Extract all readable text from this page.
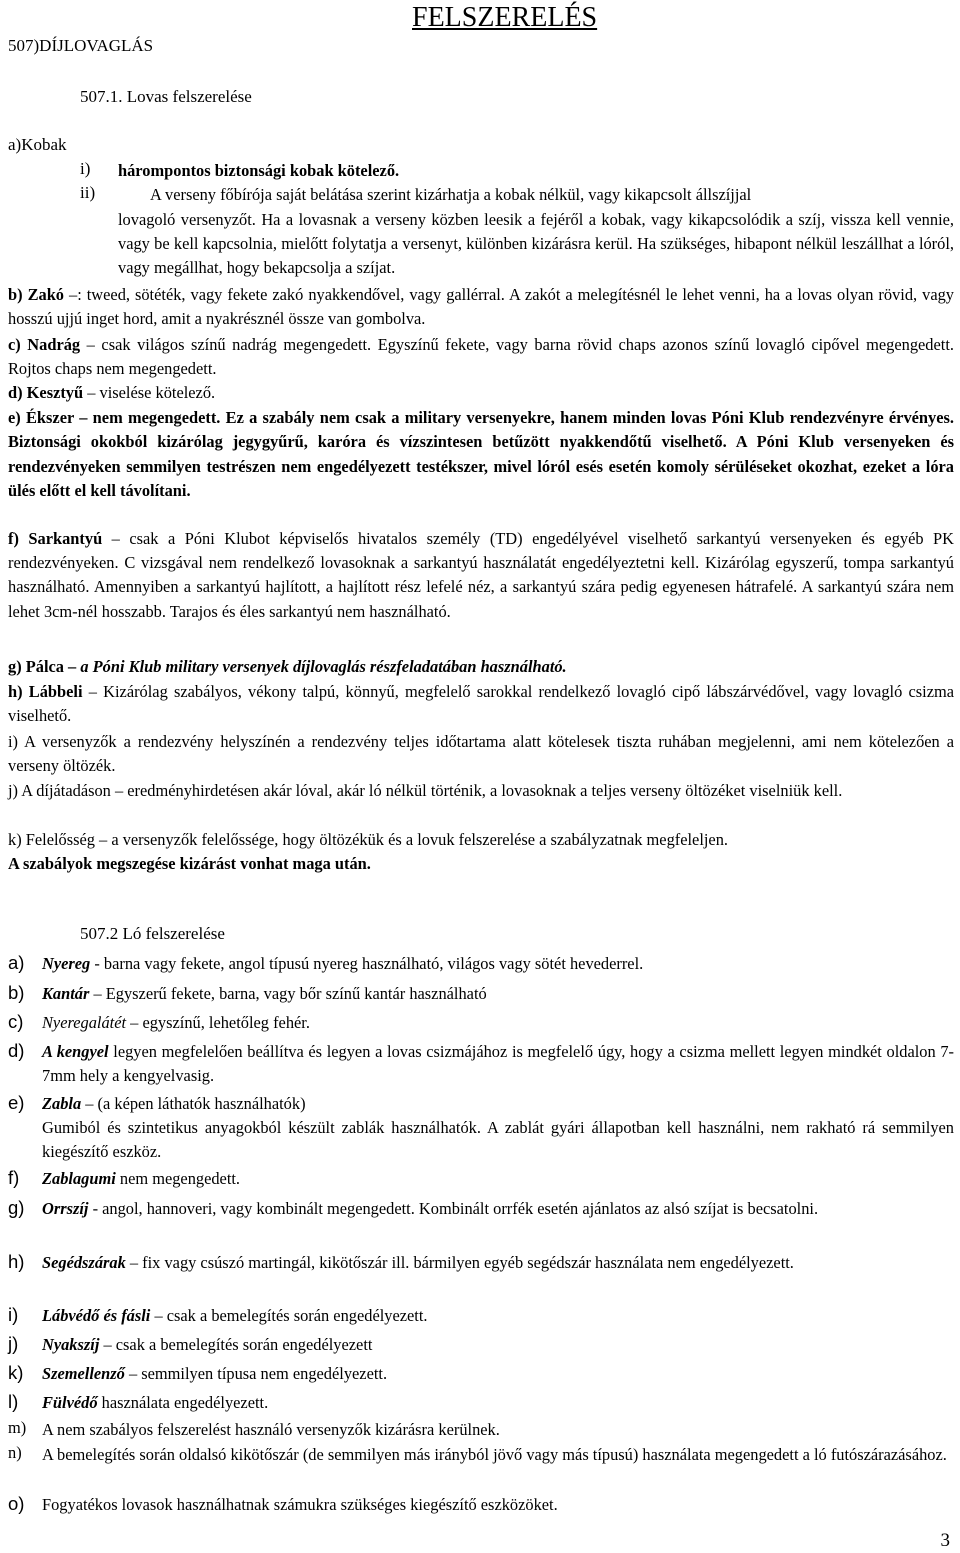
507)DÍJLOVAGLÁS
FELSZERELÉS
507.1. Lovas felszerelése
a)Kobak
i) hárompontos biztonsági kobak kötelező.
ii)	A verseny főbírója saját belátása szerint kizárhatja a kobak nélkül, vagy kikapcsolt állszíjjal
lovagoló versenyzőt. Ha a lovasnak a verseny közben leesik a fejéről a kobak, vagy kikapcsolódik a szíj, vissza kell vennie, vagy be kell kapcsolnia, mielőtt folytatja a versenyt, különben kizárásra kerül. Ha szükséges, hibapont nélkül leszállhat a lóról, vagy megállhat, hogy bekapcsolja a szíjat.
b) Zakó –: tweed, sötéték, vagy fekete zakó nyakkendővel, vagy gallérral. A zakót a melegítésnél le lehet venni, ha a lovas olyan rövid, vagy hosszú ujjú inget hord, amit a nyakrésznél össze van gombolva.
c) Nadrág – csak világos színű nadrág megengedett. Egyszínű fekete, vagy barna rövid chaps azonos színű lovagló cipővel megengedett. Rojtos chaps nem megengedett.
d) Kesztyű – viselése kötelező.
e) Ékszer – nem megengedett. Ez a szabály nem csak a military versenyekre, hanem minden lovas Póni Klub rendezvényre érvényes. Biztonsági okokból kizárólag jegygyűrű, karóra és vízszintesen betűzött nyakkendőtű viselhető. A Póni Klub versenyeken és rendezvényeken semmilyen testrészen nem engedélyezett testékszer, mivel lóról esés esetén komoly sérüléseket okozhat, ezeket a lóra ülés előtt el kell távolítani.
f) Sarkantyú – csak a Póni Klubot képviselős hivatalos személy (TD) engedélyével viselhető sarkantyú versenyeken és egyéb PK rendezvényeken. C vizsgával nem rendelkező lovasoknak a sarkantyú használatát engedélyeztetni kell. Kizárólag egyszerű, tompa sarkantyú használható. Amennyiben a sarkantyú hajlított, a hajlított rész lefelé néz, a sarkantyú szára pedig egyenesen hátrafelé. A sarkantyú szára nem lehet 3cm-nél hosszabb. Tarajos és éles sarkantyú nem használható.
g) Pálca – a Póni Klub military versenyek díjlovaglás részfeladatában használható.
h) Lábbeli – Kizárólag szabályos, vékony talpú, könnyű, megfelelő sarokkal rendelkező lovagló cipő lábszárvédővel, vagy lovagló csizma viselhető.
i) A versenyzők a rendezvény helyszínén a rendezvény teljes időtartama alatt kötelesek tiszta ruhában megjelenni, ami nem kötelezően a verseny öltözék.
j) A díjátadáson – eredményhirdetésen akár lóval, akár ló nélkül történik, a lovasoknak a teljes verseny öltözéket viselniük kell.
k) Felelősség – a versenyzők felelőssége, hogy öltözékük és a lovuk felszerelése a szabályzatnak megfeleljen.
A szabályok megszegése kizárást vonhat maga után.
507.2 Ló felszerelése
a) Nyereg - barna vagy fekete, angol típusú nyereg használható, világos vagy sötét hevederrel.
b) Kantár – Egyszerű fekete, barna, vagy bőr színű kantár használható
c) Nyeregalátét – egyszínű, lehetőleg fehér.
d) A kengyel legyen megfelelően beállítva és legyen a lovas csizmájához is megfelelő úgy, hogy a csizma mellett legyen mindkét oldalon 7-7mm hely a kengyelvasig.
e) Zabla – (a képen láthatók használhatók)
Gumiból és szintetikus anyagokból készült zablák használhatók. A zablát gyári állapotban kell használni, nem rakható rá semmilyen kiegészítő eszköz.
f) Zablagumi nem megengedett.
g) Orrszíj - angol, hannoveri, vagy kombinált megengedett. Kombinált orrfék esetén ajánlatos az alsó szíjat is becsatolni.
h) Segédszárak – fix vagy csúszó martingál, kikötőszár ill. bármilyen egyéb segédszár használata nem engedélyezett.
i) Lábvédő és fásli – csak a bemelegítés során engedélyezett.
j) Nyakszíj – csak a bemelegítés során engedélyezett
k) Szemellenző – semmilyen típusa nem engedélyezett.
l) Fülvédő használata engedélyezett.
m) A nem szabályos felszerelést használó versenyzők kizárásra kerülnek.
n) A bemelegítés során oldalsó kikötőszár (de semmilyen más irányból jövő vagy más típusú) használata megengedett a ló futószárazásához.
o) Fogyatékos lovasok használhatnak számukra szükséges kiegészítő eszközöket.
3
